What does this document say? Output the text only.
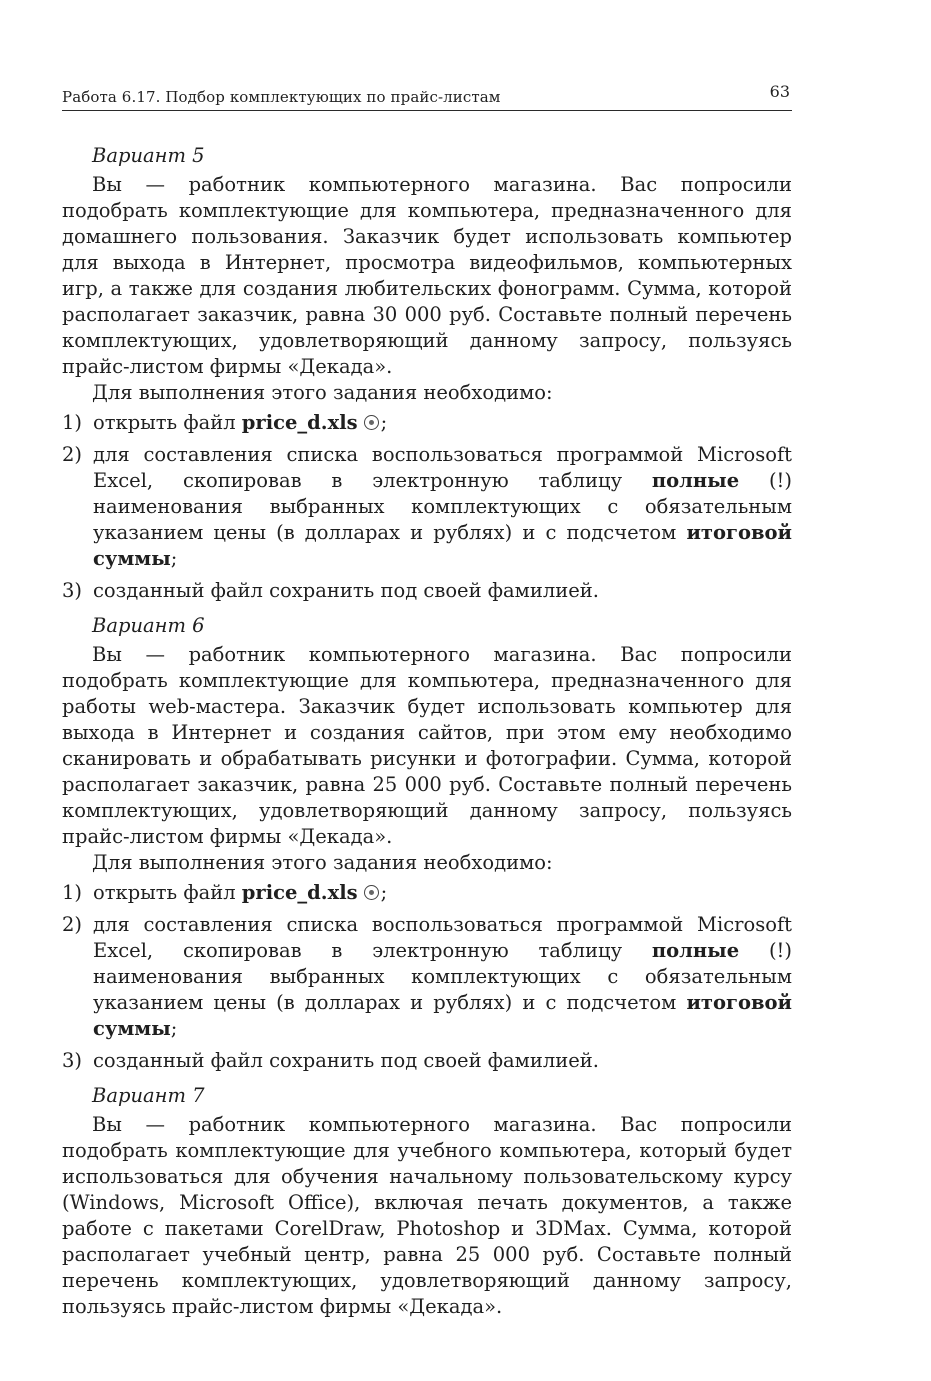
Работа 6.17. Подбор комплектующих по прайс-листам	63

Вариант 5

Вы — работник компьютерного магазина. Вас попросили подобрать комплектующие для компьютера, предназначенного для домашнего пользования. Заказчик будет использовать компьютер для выхода в Интернет, просмотра видеофильмов, компьютерных игр, а также для создания любительских фонограмм. Сумма, которой располагает заказчик, равна 30 000 руб. Составьте полный перечень комплектующих, удовлетворяющий данному запросу, пользуясь прайс-листом фирмы «Декада».

Для выполнения этого задания необходимо:

1) открыть файл price_d.xls ;
2) для составления списка воспользоваться программой Microsoft Excel, скопировав в электронную таблицу полные (!) наименования выбранных комплектующих с обязательным указанием цены (в долларах и рублях) и с подсчетом итоговой суммы;
3) созданный файл сохранить под своей фамилией.

Вариант 6

Вы — работник компьютерного магазина. Вас попросили подобрать комплектующие для компьютера, предназначенного для работы web-мастера. Заказчик будет использовать компьютер для выхода в Интернет и создания сайтов, при этом ему необходимо сканировать и обрабатывать рисунки и фотографии. Сумма, которой располагает заказчик, равна 25 000 руб. Составьте полный перечень комплектующих, удовлетворяющий данному запросу, пользуясь прайс-листом фирмы «Декада».

Для выполнения этого задания необходимо:

1) открыть файл price_d.xls ;
2) для составления списка воспользоваться программой Microsoft Excel, скопировав в электронную таблицу полные (!) наименования выбранных комплектующих с обязательным указанием цены (в долларах и рублях) и с подсчетом итоговой суммы;
3) созданный файл сохранить под своей фамилией.

Вариант 7

Вы — работник компьютерного магазина. Вас попросили подобрать комплектующие для учебного компьютера, который будет использоваться для обучения начальному пользовательскому курсу (Windows, Microsoft Office), включая печать документов, а также работе с пакетами CorelDraw, Photoshop и 3DMax. Сумма, которой располагает учебный центр, равна 25 000 руб. Составьте полный перечень комплектующих, удовлетворяющий данному запросу, пользуясь прайс-листом фирмы «Декада».
